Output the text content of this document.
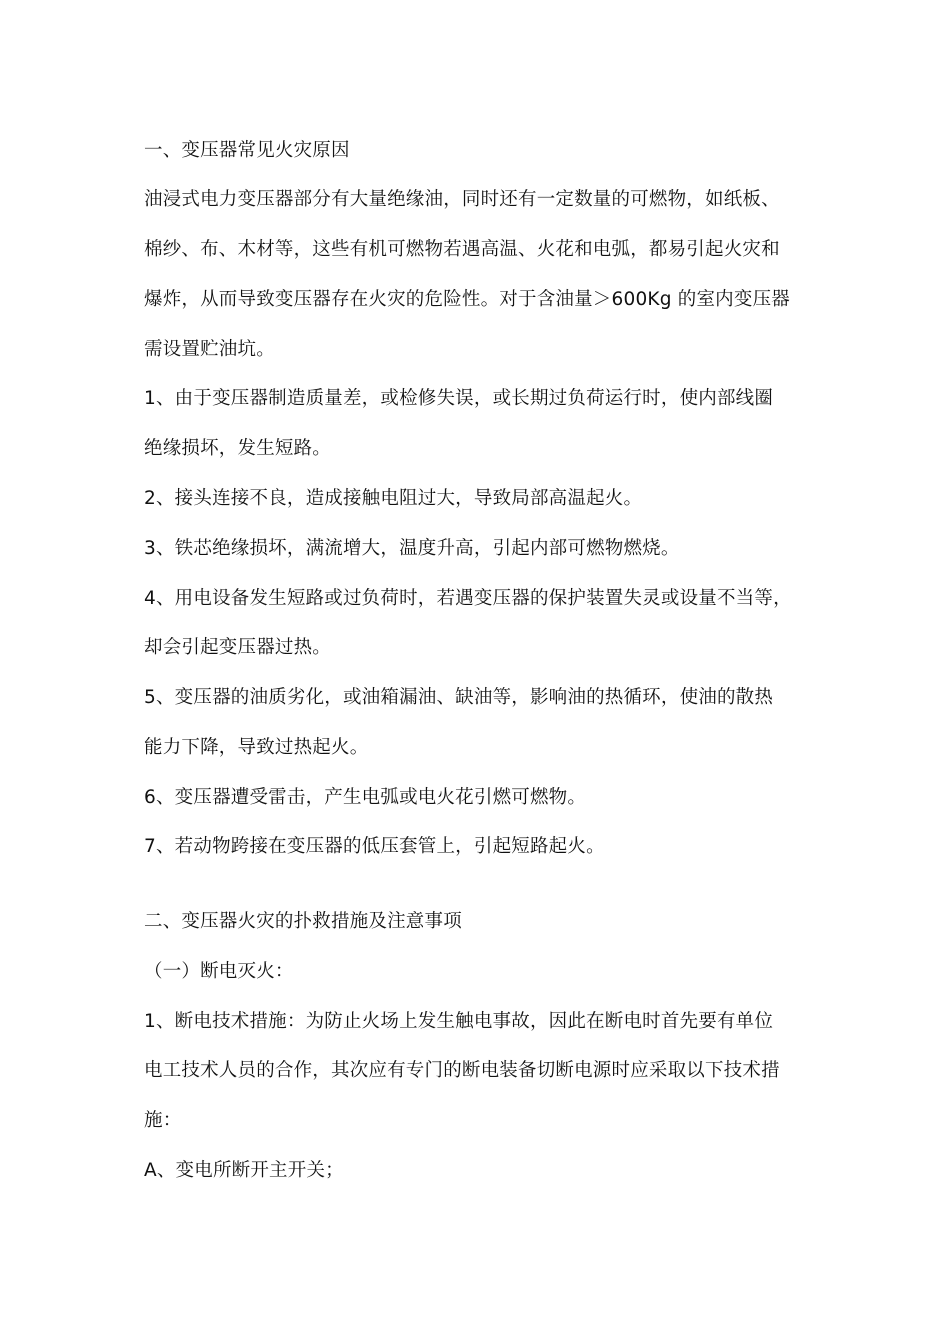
一、变压器常见火灾原因
油浸式电力变压器部分有大量绝缘油，同时还有一定数量的可燃物，如纸板、
棉纱、布、木材等，这些有机可燃物若遇高温、火花和电弧，都易引起火灾和
爆炸，从而导致变压器存在火灾的危险性。对于含油量＞600Kg 的室内变压器
需设置贮油坑。
1、由于变压器制造质量差，或检修失误，或长期过负荷运行时，使内部线圈
绝缘损坏，发生短路。
2、接头连接不良，造成接触电阻过大，导致局部高温起火。
3、铁芯绝缘损坏，满流增大，温度升高，引起内部可燃物燃烧。
4、用电设备发生短路或过负荷时，若遇变压器的保护装置失灵或设量不当等，
却会引起变压器过热。
5、变压器的油质劣化，或油箱漏油、缺油等，影响油的热循环，使油的散热
能力下降，导致过热起火。
6、变压器遭受雷击，产生电弧或电火花引燃可燃物。
7、若动物跨接在变压器的低压套管上，引起短路起火。
二、变压器火灾的扑救措施及注意事项
（一）断电灭火：
1、断电技术措施：为防止火场上发生触电事故，因此在断电时首先要有单位
电工技术人员的合作，其次应有专门的断电装备切断电源时应采取以下技术措
施：
A、变电所断开主开关；
